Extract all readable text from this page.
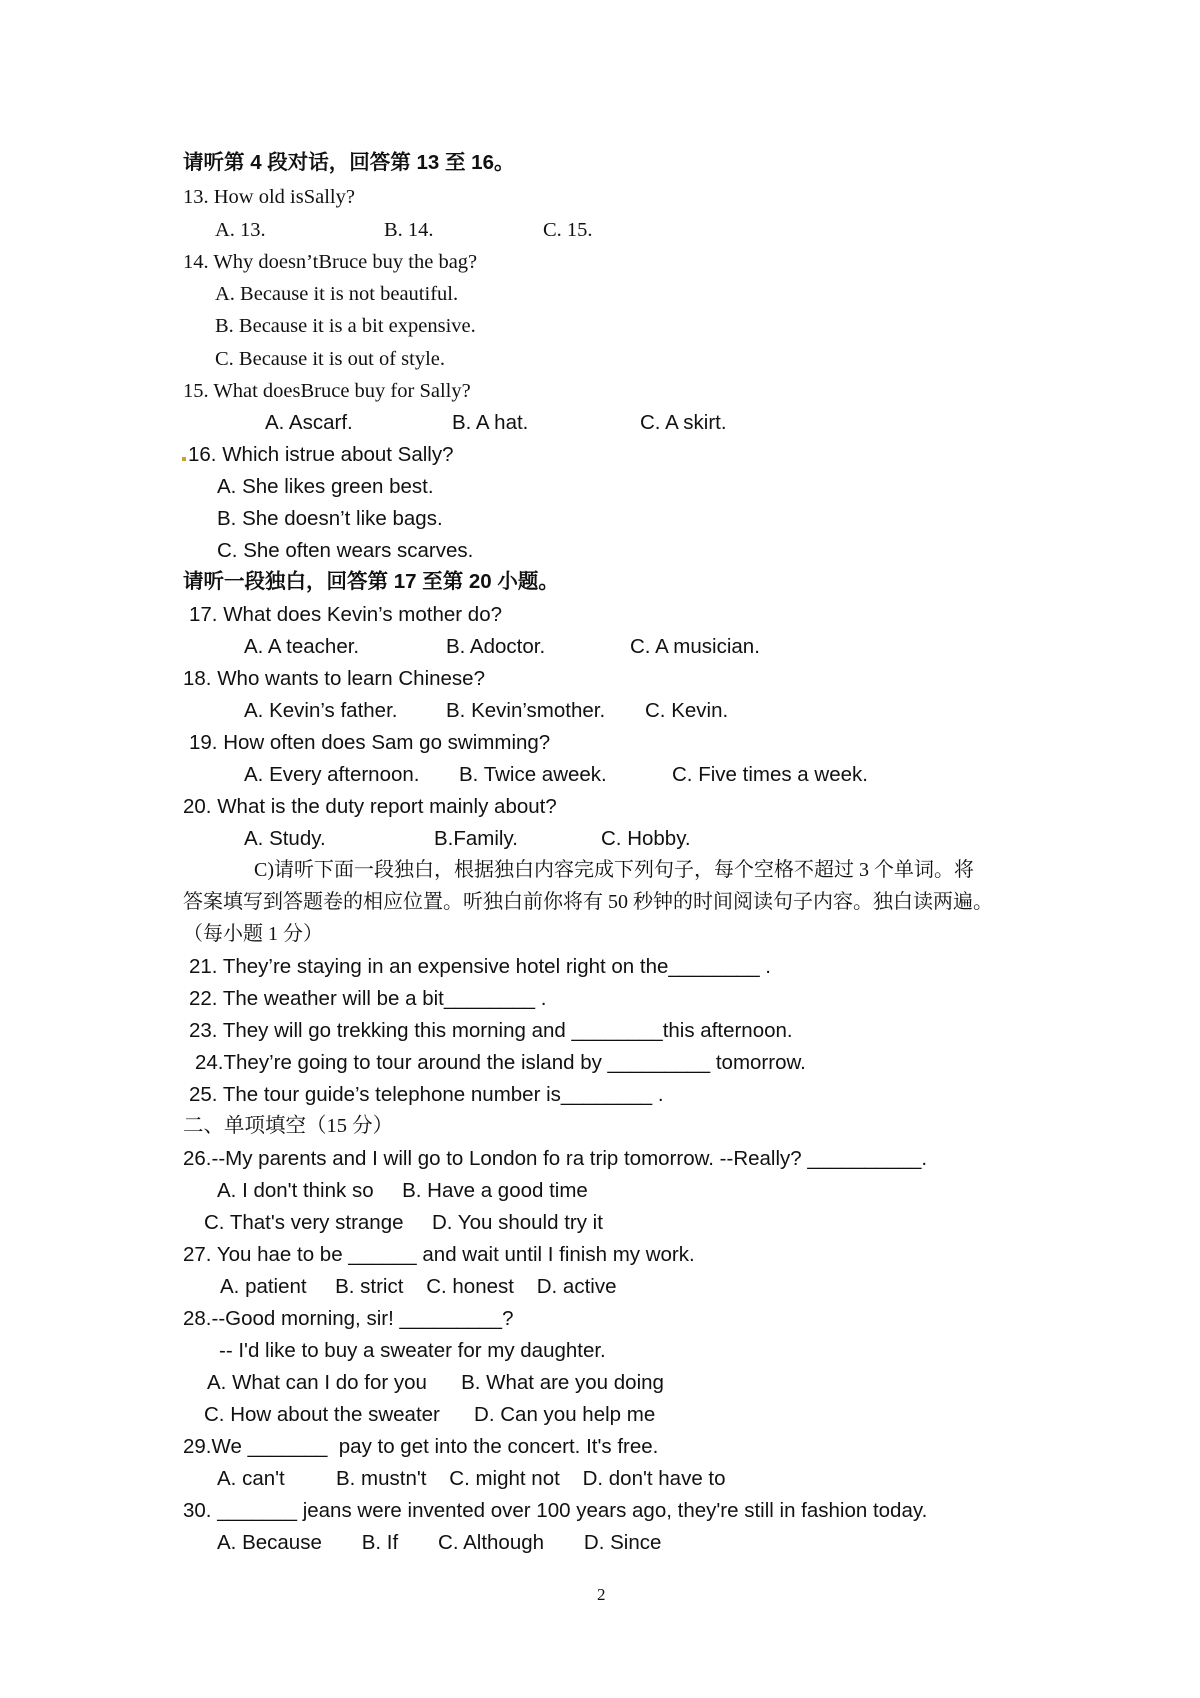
请听第 4 段对话，回答第 13 至 16。
13. How old isSally?
A. 13.	B. 14.	C. 15.
14. Why doesn’tBruce buy the bag?
A. Because it is not beautiful.
B. Because it is a bit expensive.
C. Because it is out of style.
15. What doesBruce buy for Sally?
A. Ascarf.	B. A hat.	C. A skirt.
16. Which istrue about Sally?
A. She likes green best.
B. She doesn’t like bags.
C. She often wears scarves.
请听一段独白，回答第 17 至第 20 小题。
17. What does Kevin’s mother do?
A. A teacher.	B. Adoctor.	C. A musician.
18. Who wants to learn Chinese?
A. Kevin’s father. B. Kevin’smother. C. Kevin.
19. How often does Sam go swimming?
A. Every afternoon. B. Twice aweek.	C. Five times a week.
20. What is the duty report mainly about?
A. Study.	B.Family.	C. Hobby.
C)请听下面一段独白，根据独白内容完成下列句子，每个空格不超过 3 个单词。将
答案填写到答题卷的相应位置。听独白前你将有 50 秒钟的时间阅读句子内容。独白读两遍。
（每小题 1 分）
21. They’re staying in an expensive hotel right on the________ .
22. The weather will be a bit________ .
23. They will go trekking this morning and ________this afternoon.
24.They’re going to tour around the island by _________ tomorrow.
25. The tour guide’s telephone number is________ .
二、单项填空（15 分）
26.--My parents and I will go to London fo ra trip tomorrow. --Really? __________.
A. I don't think so     B. Have a good time
C. That's very strange     D. You should try it
27. You hae to be ______ and wait until I finish my work.
A. patient     B. strict    C. honest    D. active
28.--Good morning, sir! _________?
-- I'd like to buy a sweater for my daughter.
A. What can I do for you      B. What are you doing
C. How about the sweater      D. Can you help me
29.We _______  pay to get into the concert. It's free.
A. can't         B. mustn't    C. might not    D. don't have to
30. _______ jeans were invented over 100 years ago, they're still in fashion today.
A. Because       B. If       C. Although       D. Since
2
